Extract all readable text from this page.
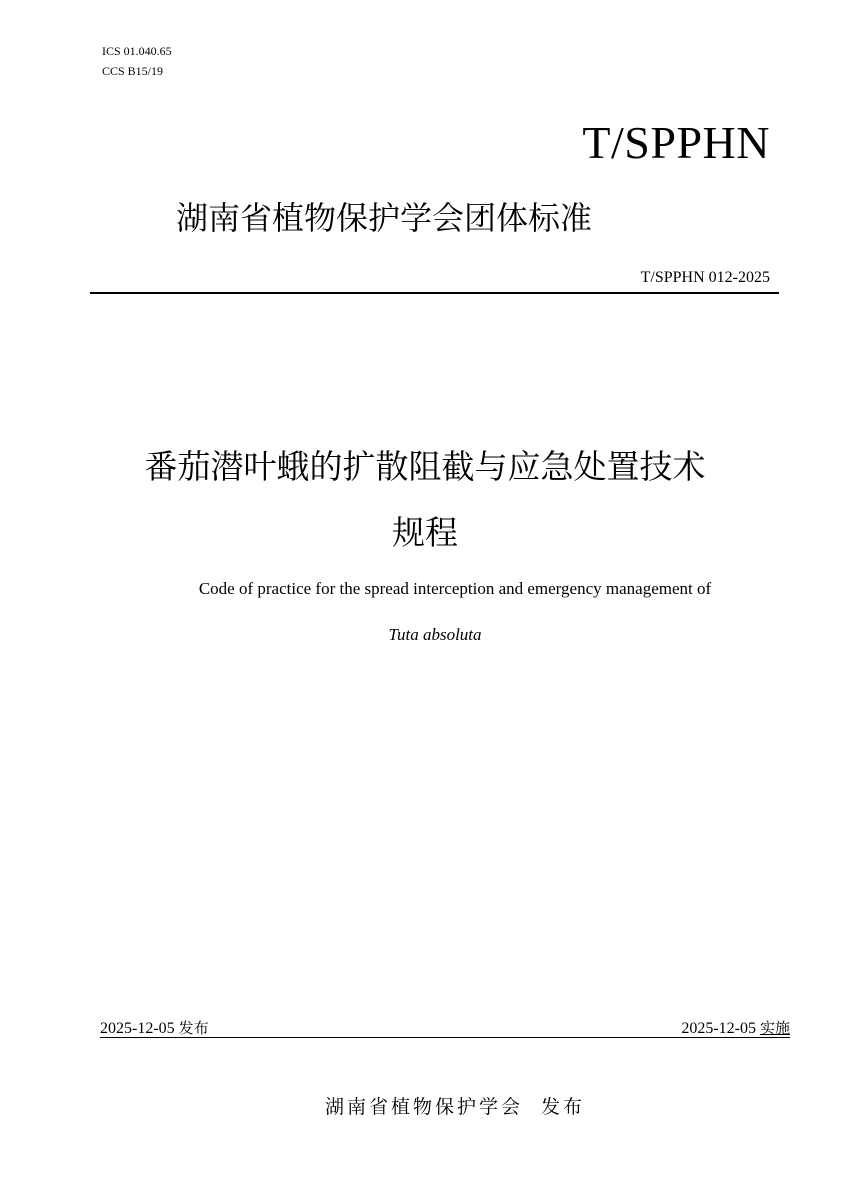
ICS 01.040.65
CCS B15/19
T/SPPHN
湖南省植物保护学会团体标准
T/SPPHN 012-2025
番茄潜叶蛾的扩散阻截与应急处置技术
规程
Code of practice for the spread interception and emergency management of
Tuta absoluta
2025-12-05 发布	2025-12-05 实施
湖南省植物保护学会 发布
